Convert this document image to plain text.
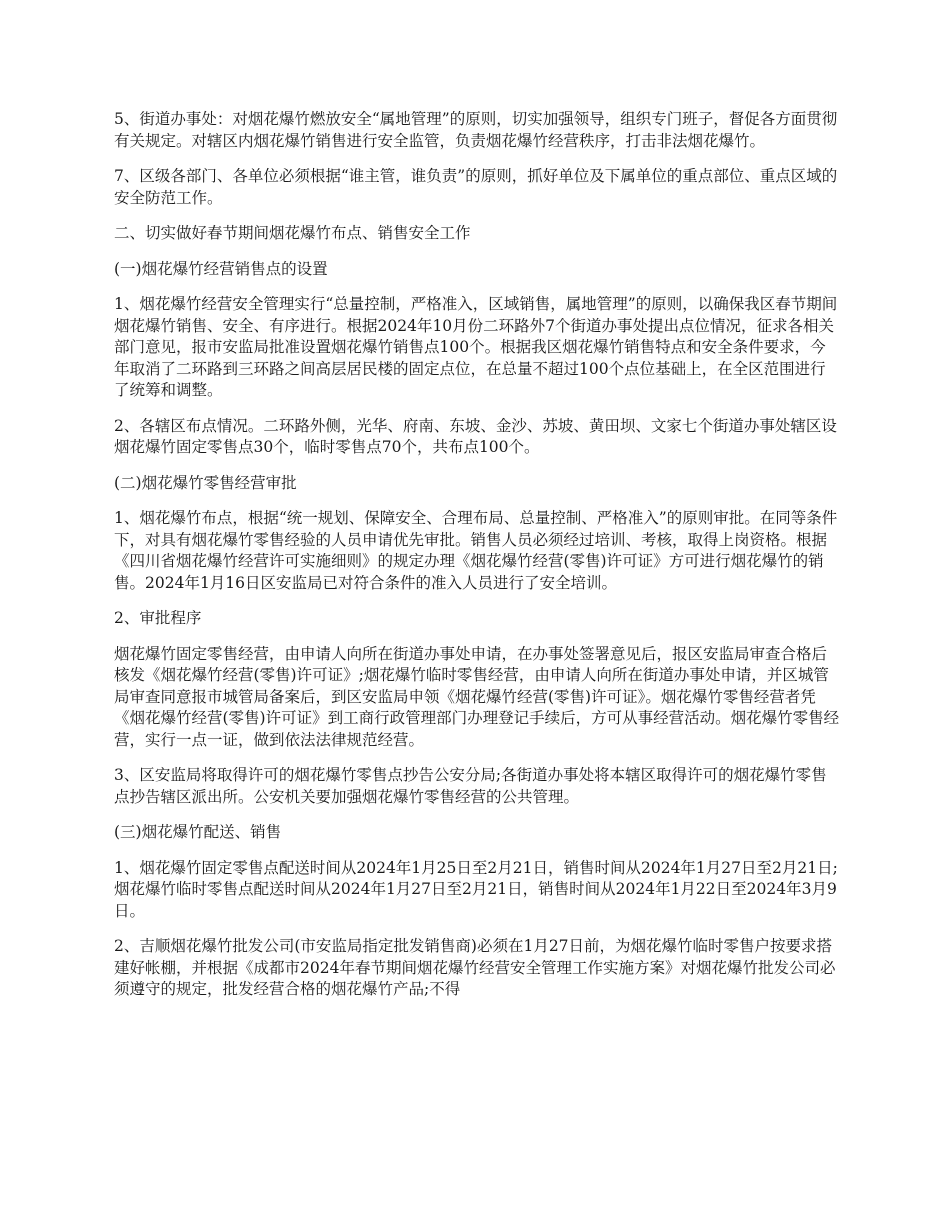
5、街道办事处：对烟花爆竹燃放安全“属地管理”的原则，切实加强领导，组织专门班子，督促各方面贯彻有关规定。对辖区内烟花爆竹销售进行安全监管，负责烟花爆竹经营秩序，打击非法烟花爆竹。

7、区级各部门、各单位必须根据“谁主管，谁负责”的原则，抓好单位及下属单位的重点部位、重点区域的安全防范工作。

二、切实做好春节期间烟花爆竹布点、销售安全工作

(一)烟花爆竹经营销售点的设置

1、烟花爆竹经营安全管理实行“总量控制，严格准入，区域销售，属地管理”的原则，以确保我区春节期间烟花爆竹销售、安全、有序进行。根据2024年10月份二环路外7个街道办事处提出点位情况，征求各相关部门意见，报市安监局批准设置烟花爆竹销售点100个。根据我区烟花爆竹销售特点和安全条件要求，今年取消了二环路到三环路之间高层居民楼的固定点位，在总量不超过100个点位基础上，在全区范围进行了统筹和调整。

2、各辖区布点情况。二环路外侧，光华、府南、东坡、金沙、苏坡、黄田坝、文家七个街道办事处辖区设烟花爆竹固定零售点30个，临时零售点70个，共布点100个。

(二)烟花爆竹零售经营审批

1、烟花爆竹布点，根据“统一规划、保障安全、合理布局、总量控制、严格准入”的原则审批。在同等条件下，对具有烟花爆竹零售经验的人员申请优先审批。销售人员必须经过培训、考核，取得上岗资格。根据《四川省烟花爆竹经营许可实施细则》的规定办理《烟花爆竹经营(零售)许可证》方可进行烟花爆竹的销售。2024年1月16日区安监局已对符合条件的准入人员进行了安全培训。

2、审批程序

烟花爆竹固定零售经营，由申请人向所在街道办事处申请，在办事处签署意见后，报区安监局审查合格后核发《烟花爆竹经营(零售)许可证》;烟花爆竹临时零售经营，由申请人向所在街道办事处申请，并区城管局审查同意报市城管局备案后，到区安监局申领《烟花爆竹经营(零售)许可证》。烟花爆竹零售经营者凭《烟花爆竹经营(零售)许可证》到工商行政管理部门办理登记手续后，方可从事经营活动。烟花爆竹零售经营，实行一点一证，做到依法法律规范经营。

3、区安监局将取得许可的烟花爆竹零售点抄告公安分局;各街道办事处将本辖区取得许可的烟花爆竹零售点抄告辖区派出所。公安机关要加强烟花爆竹零售经营的公共管理。

(三)烟花爆竹配送、销售

1、烟花爆竹固定零售点配送时间从2024年1月25日至2月21日，销售时间从2024年1月27日至2月21日;烟花爆竹临时零售点配送时间从2024年1月27日至2月21日，销售时间从2024年1月22日至2024年3月9日。

2、吉顺烟花爆竹批发公司(市安监局指定批发销售商)必须在1月27日前，为烟花爆竹临时零售户按要求搭建好帐棚，并根据《成都市2024年春节期间烟花爆竹经营安全管理工作实施方案》对烟花爆竹批发公司必须遵守的规定，批发经营合格的烟花爆竹产品;不得
